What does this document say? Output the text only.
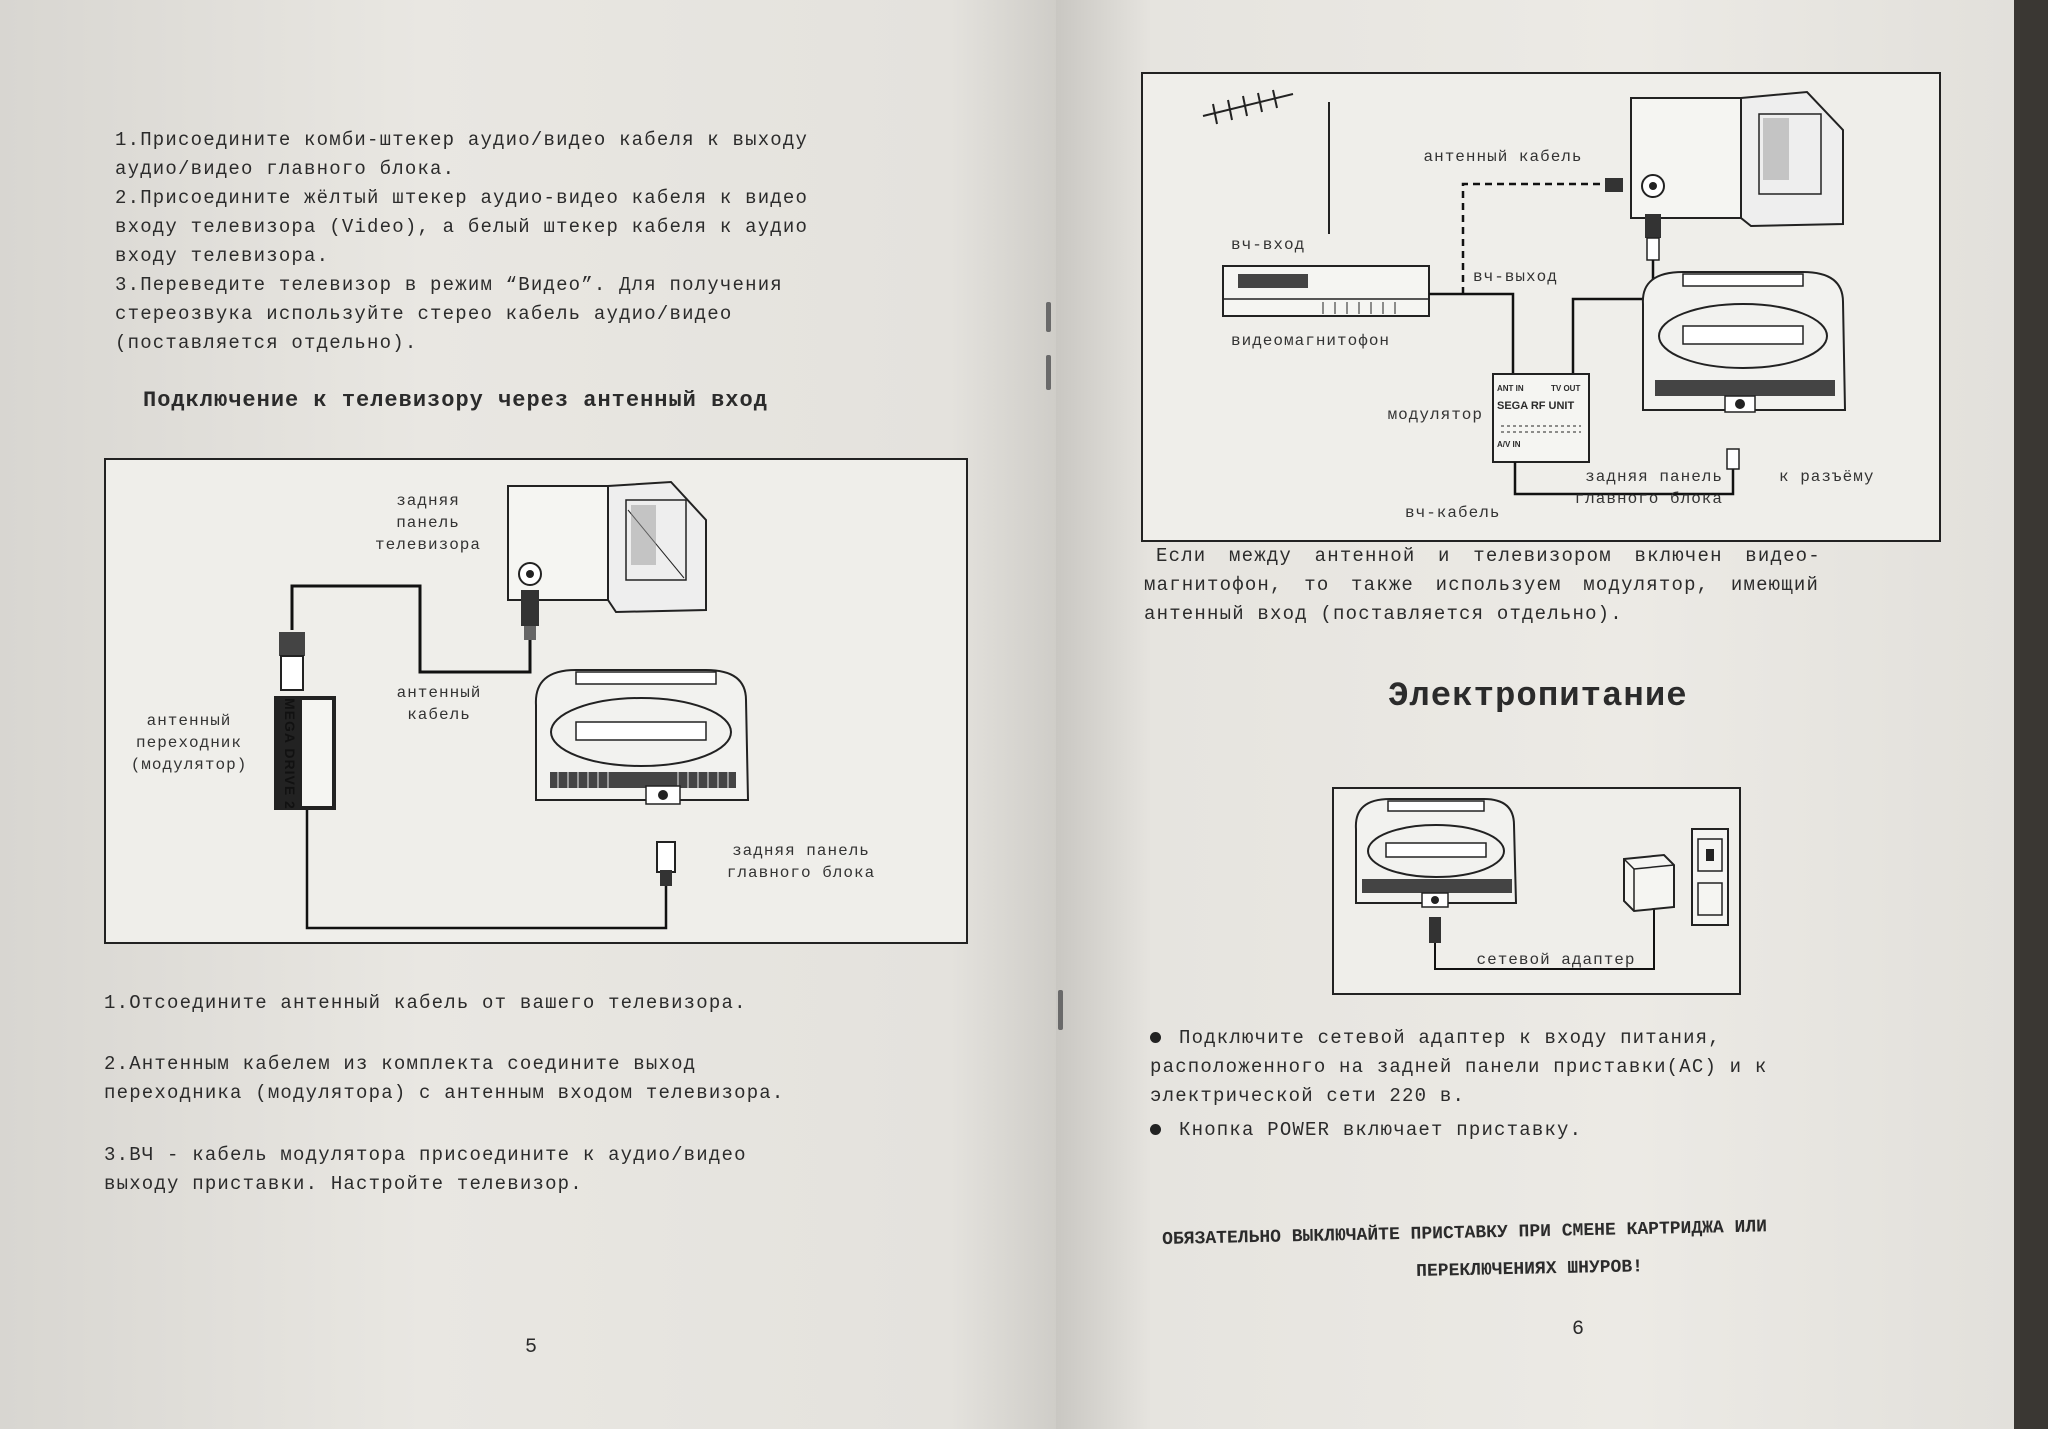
1.Присоедините комби-штекер аудио/видео кабеля к выходу
аудио/видео главного блока.
2.Присоедините жёлтый штекер аудио-видео кабеля к видео
входу телевизора (Video), а белый штекер кабеля к аудио
входу телевизора.
3.Переведите телевизор в режим “Видео”. Для получения
стереозвука используйте стерео кабель аудио/видео
(поставляется отдельно).
Подключение к телевизору через антенный вход
MEGA DRIVE 2
задняя
панель
телевизора
антенный
кабель
антенный
переходник
(модулятор)
задняя панель
главного блока
1.Отсоедините антенный кабель от вашего телевизора.
2.Антенным кабелем из комплекта соедините выход
переходника (модулятора) с антенным входом телевизора.
3.ВЧ - кабель модулятора присоедините к аудио/видео
выходу приставки. Настройте телевизор.
5
антенный кабель
вч-вход
вч-выход
видеомагнитофон
модулятор
ANT IN	TV OUT
SEGA RF UNIT
A/V IN
вч-кабель
задняя панель
главного блока
к разъёму
Если между антенной и телевизором включен видео-
магнитофон, то также используем модулятор, имеющий
антенный вход (поставляется отдельно).
Электропитание
сетевой адаптер
Подключите сетевой адаптер к входу питания,
расположенного на задней панели приставки(AC) и к
электрической сети 220 в.
Кнопка POWER включает приставку.
ОБЯЗАТЕЛЬНО ВЫКЛЮЧАЙТЕ ПРИСТАВКУ ПРИ СМЕНЕ КАРТРИДЖА ИЛИ
ПЕРЕКЛЮЧЕНИЯХ ШНУРОВ!
6
